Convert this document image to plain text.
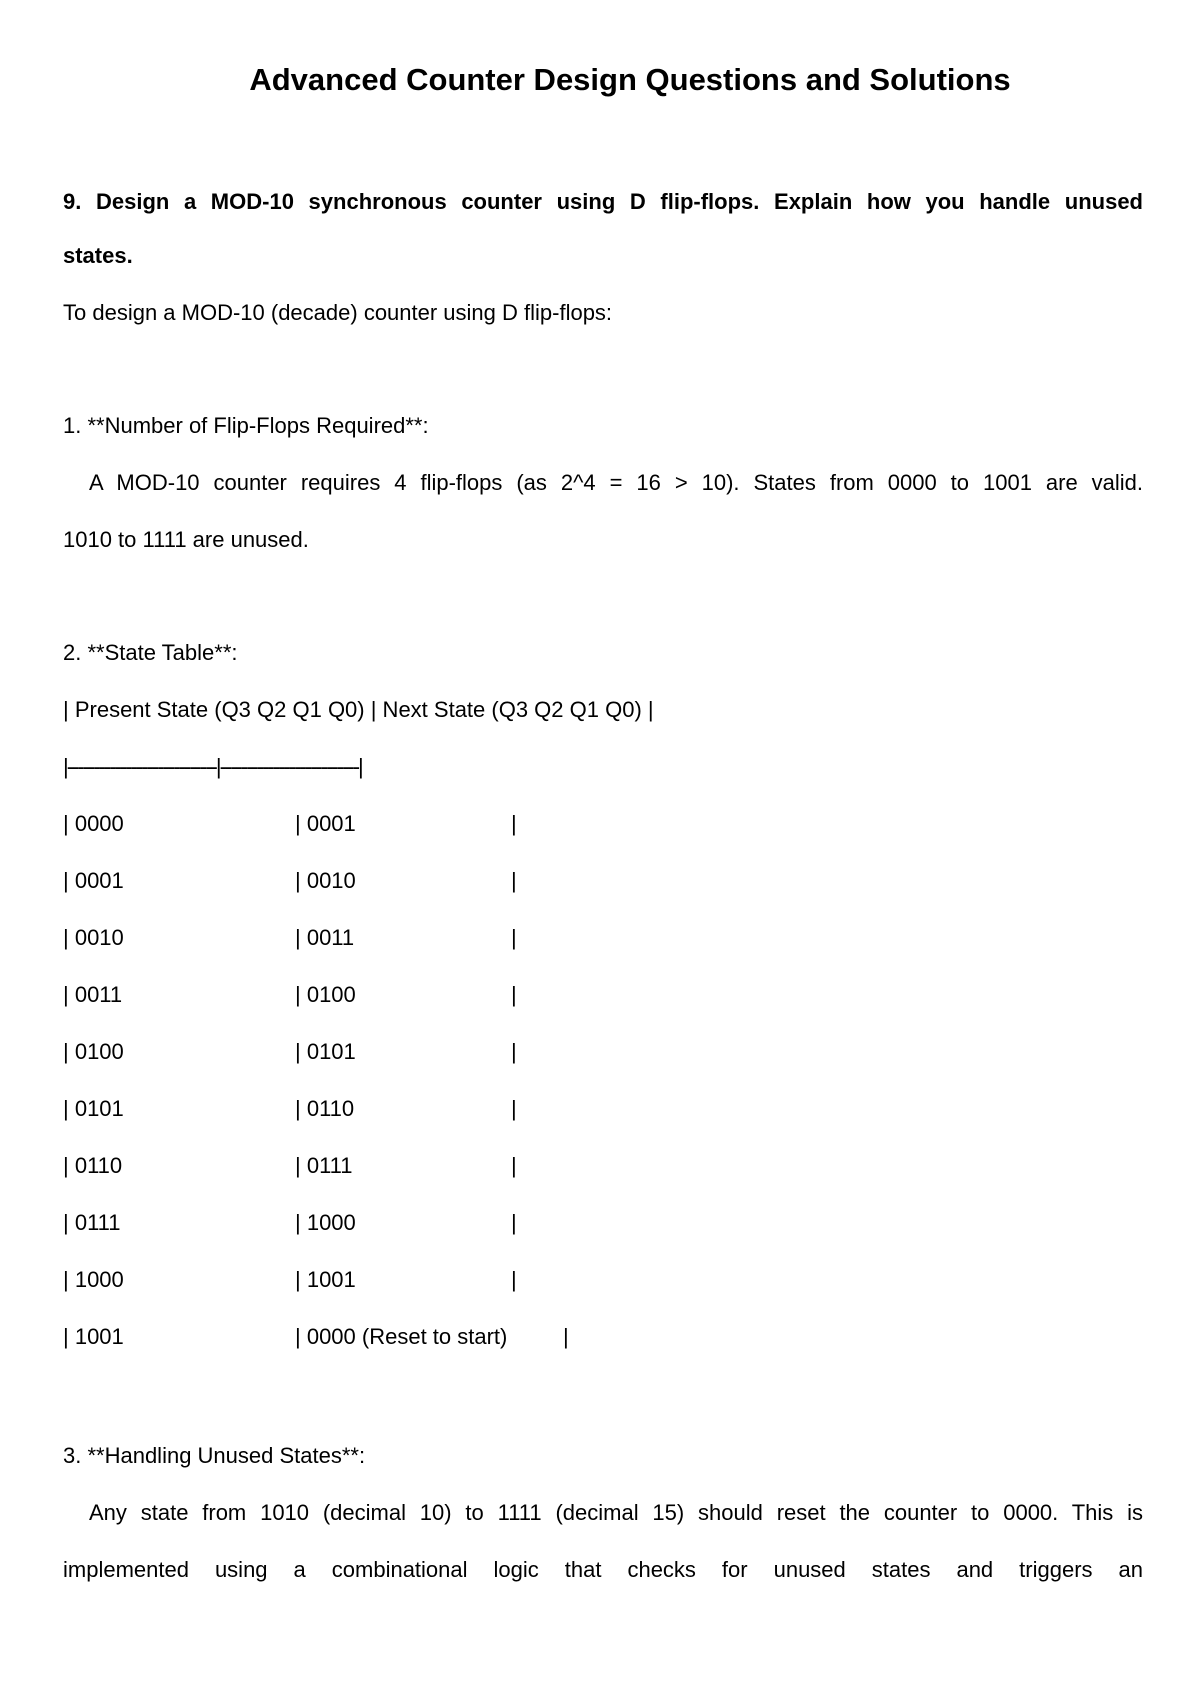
Advanced Counter Design Questions and Solutions
9. Design a MOD-10 synchronous counter using D flip-flops. Explain how you handle unused
states.
To design a MOD-10 (decade) counter using D flip-flops:
1. **Number of Flip-Flops Required**:
A MOD-10 counter requires 4 flip-flops (as 2^4 = 16 > 10). States from 0000 to 1001 are valid.
1010 to 1111 are unused.
2. **State Table**:
| Present State (Q3 Q2 Q1 Q0) | Next State (Q3 Q2 Q1 Q0) |
|----------------------------|--------------------------|
| 0000	| 0001	|
| 0001	| 0010	|
| 0010	| 0011	|
| 0011	| 0100	|
| 0100	| 0101	|
| 0101	| 0110	|
| 0110	| 0111	|
| 0111	| 1000	|
| 1000	| 1001	|
| 1001	| 0000 (Reset to start)	|
3. **Handling Unused States**:
Any state from 1010 (decimal 10) to 1111 (decimal 15) should reset the counter to 0000. This is
implemented using a combinational logic that checks for unused states and triggers an
